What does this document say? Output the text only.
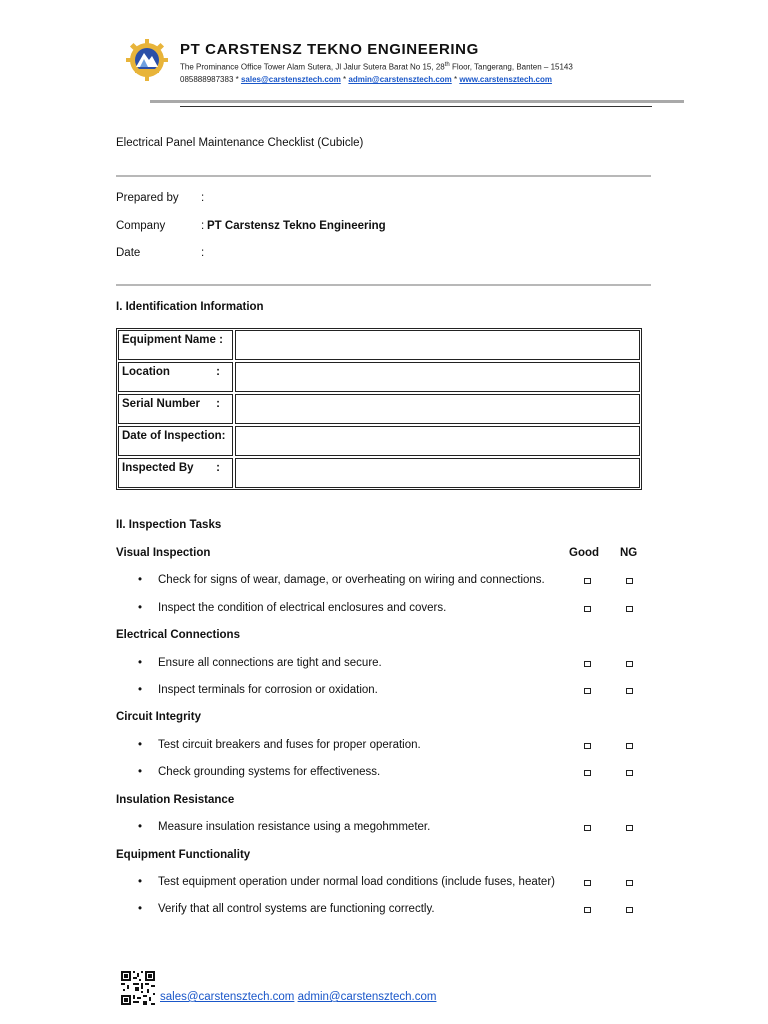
PT CARSTENSZ TEKNO ENGINEERING
The Prominance Office Tower Alam Sutera, Jl Jalur Sutera Barat No 15, 28th Floor, Tangerang, Banten – 15143
085888987383 * sales@carstensztech.com * admin@carstensztech.com * www.carstensztech.com
Electrical Panel Maintenance Checklist (Cubicle)
Prepared by :
Company	: PT Carstensz Tekno Engineering
Date	:
I. Identification Information
Equipment Name :
Location	:
Serial Number :
Date of Inspection:
Inspected By :
II. Inspection Tasks
Visual Inspection	Good NG
• Check for signs of wear, damage, or overheating on wiring and connections.
• Inspect the condition of electrical enclosures and covers.
Electrical Connections
• Ensure all connections are tight and secure.
• Inspect terminals for corrosion or oxidation.
Circuit Integrity
• Test circuit breakers and fuses for proper operation.
• Check grounding systems for effectiveness.
Insulation Resistance
• Measure insulation resistance using a megohmmeter.
Equipment Functionality
• Test equipment operation under normal load conditions (include fuses, heater)
• Verify that all control systems are functioning correctly.
sales@carstensztech.com admin@carstensztech.com
